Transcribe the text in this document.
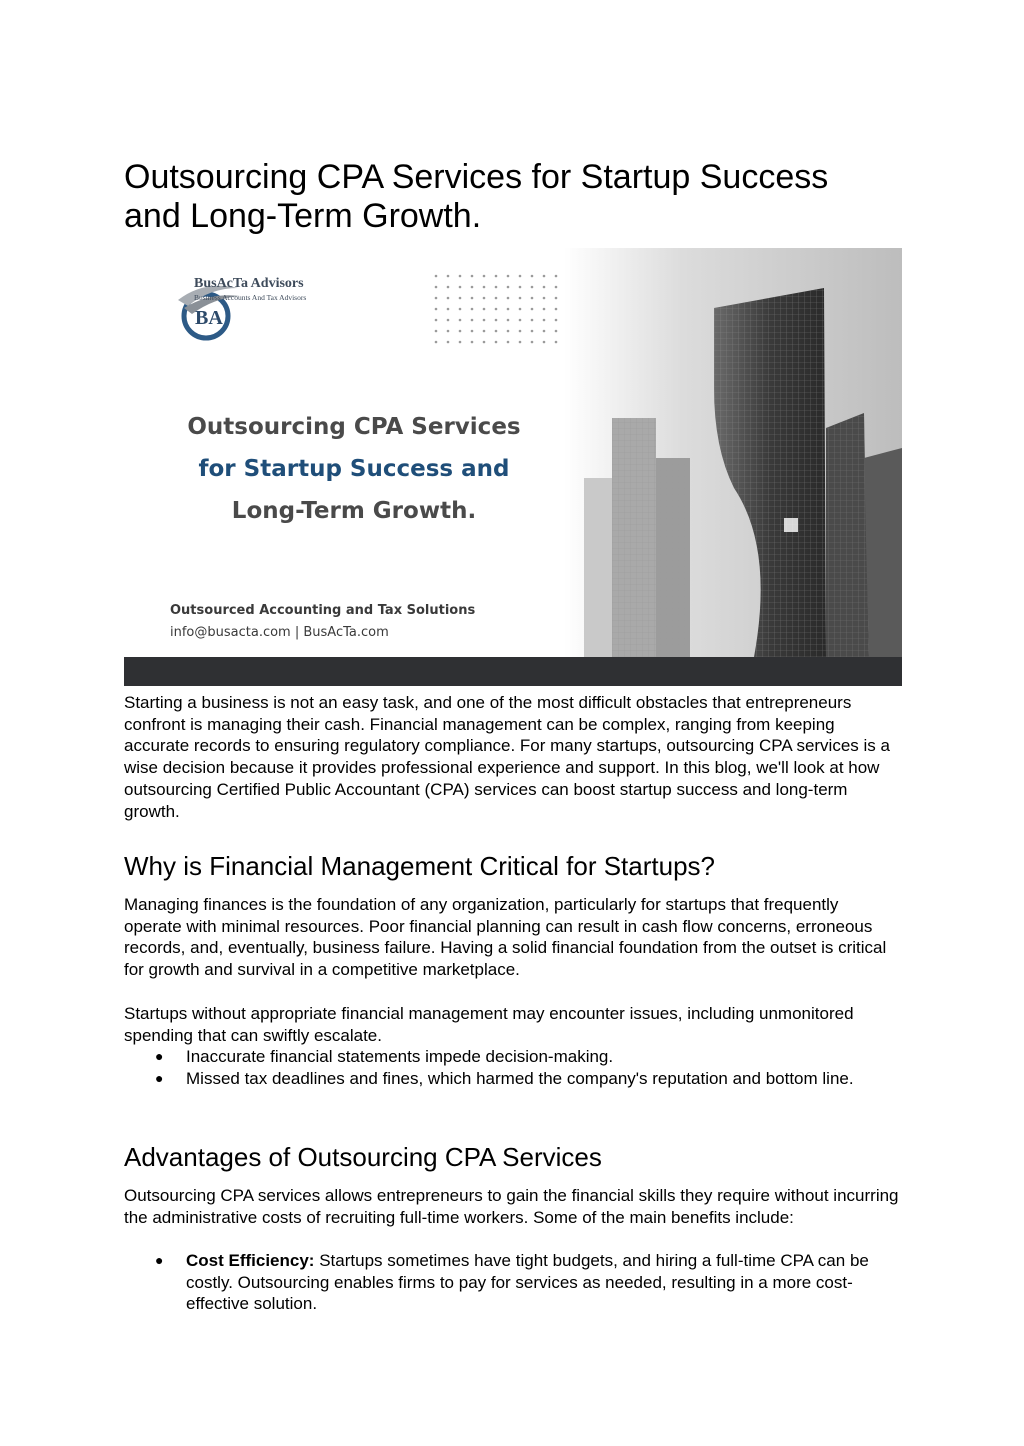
Outsourcing CPA Services for Startup Success and Long-Term Growth.
BA
BusAcTa Advisors
Business Accounts And Tax Advisors
Outsourcing CPA Services
for Startup Success and
Long-Term Growth.
Outsourced Accounting and Tax Solutions
info@busacta.com | BusAcTa.com

Starting a business is not an easy task, and one of the most difficult obstacles that entrepreneurs confront is managing their cash. Financial management can be complex, ranging from keeping accurate records to ensuring regulatory compliance. For many startups, outsourcing CPA services is a wise decision because it provides professional experience and support. In this blog, we'll look at how outsourcing Certified Public Accountant (CPA) services can boost startup success and long-term growth.

Why is Financial Management Critical for Startups?

Managing finances is the foundation of any organization, particularly for startups that frequently operate with minimal resources. Poor financial planning can result in cash flow concerns, erroneous records, and, eventually, business failure. Having a solid financial foundation from the outset is critical for growth and survival in a competitive marketplace.

Startups without appropriate financial management may encounter issues, including unmonitored spending that can swiftly escalate.

● Inaccurate financial statements impede decision-making.
● Missed tax deadlines and fines, which harmed the company's reputation and bottom line.
Advantages of Outsourcing CPA Services

Outsourcing CPA services allows entrepreneurs to gain the financial skills they require without incurring the administrative costs of recruiting full-time workers. Some of the main benefits include:

● Cost Efficiency: Startups sometimes have tight budgets, and hiring a full-time CPA can be costly. Outsourcing enables firms to pay for services as needed, resulting in a more cost-effective solution.
